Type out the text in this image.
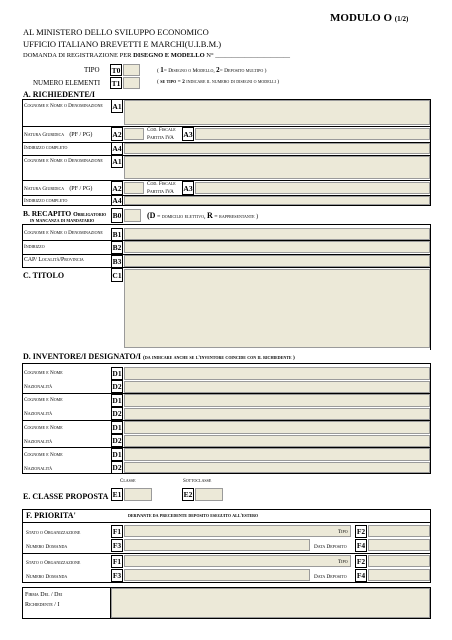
MODULO O (1/2)
AL MINISTERO DELLO SVILUPPO ECONOMICO
UFFICIO ITALIANO BREVETTI E MARCHI(U.I.B.M.)
DOMANDA DI REGISTRAZIONE PER DISEGNO E MODELLO N° _______________________
TIPO T0	( 1= Disegno o Modello, 2= Deposito multipo )
NUMERO ELEMENTI T1	( se tipo = 2 indicare il numero di disegni o modelli )
A. RICHIEDENTE/I
Cognome e Nome o Denominazione A1
Natura Giuridica (PF / PG)	A2	Cod. Fiscale
Partita IVA A3
Indirizzo completo	A4
Cognome e Nome o Denominazione A1
Natura Giuridica (PF / PG)	A2	Cod. Fiscale
Partita IVA A3
Indirizzo completo	A4
B. RECAPITO Obbligatorio
in mancanza di mandatario
B0	(D = domicilio elettivo, R = rappresentante )
Cognome e Nome o Denominazione B1
Indirizzo	B2
CAP/ Località/Provincia	B3
C. TITOLO	C1
D. INVENTORE/I DESIGNATO/I (da indicare anche se l'inventore coincide con il richiedente )
Cognome e Nome	D1
Nazionalità	D2
Cognome e Nome	D1
Nazionalità	D2
Cognome e Nome	D1
Nazionalità	D2
Cognome e Nome	D1
Nazionalità	D2
Classe	Sottoclasse
E. CLASSE PROPOSTA E1	E2
F. PRIORITA'	derivante da precedente deposito eseguito all'estero
Stato o Organizzazione	F1	Tipo F2
Numero Domanda	F3	Data Deposito F4
Stato o Organizzazione	F1	Tipo F2
Numero Domanda	F3	Data Deposito F4
Firma Del / Dei
Richiedente / I
